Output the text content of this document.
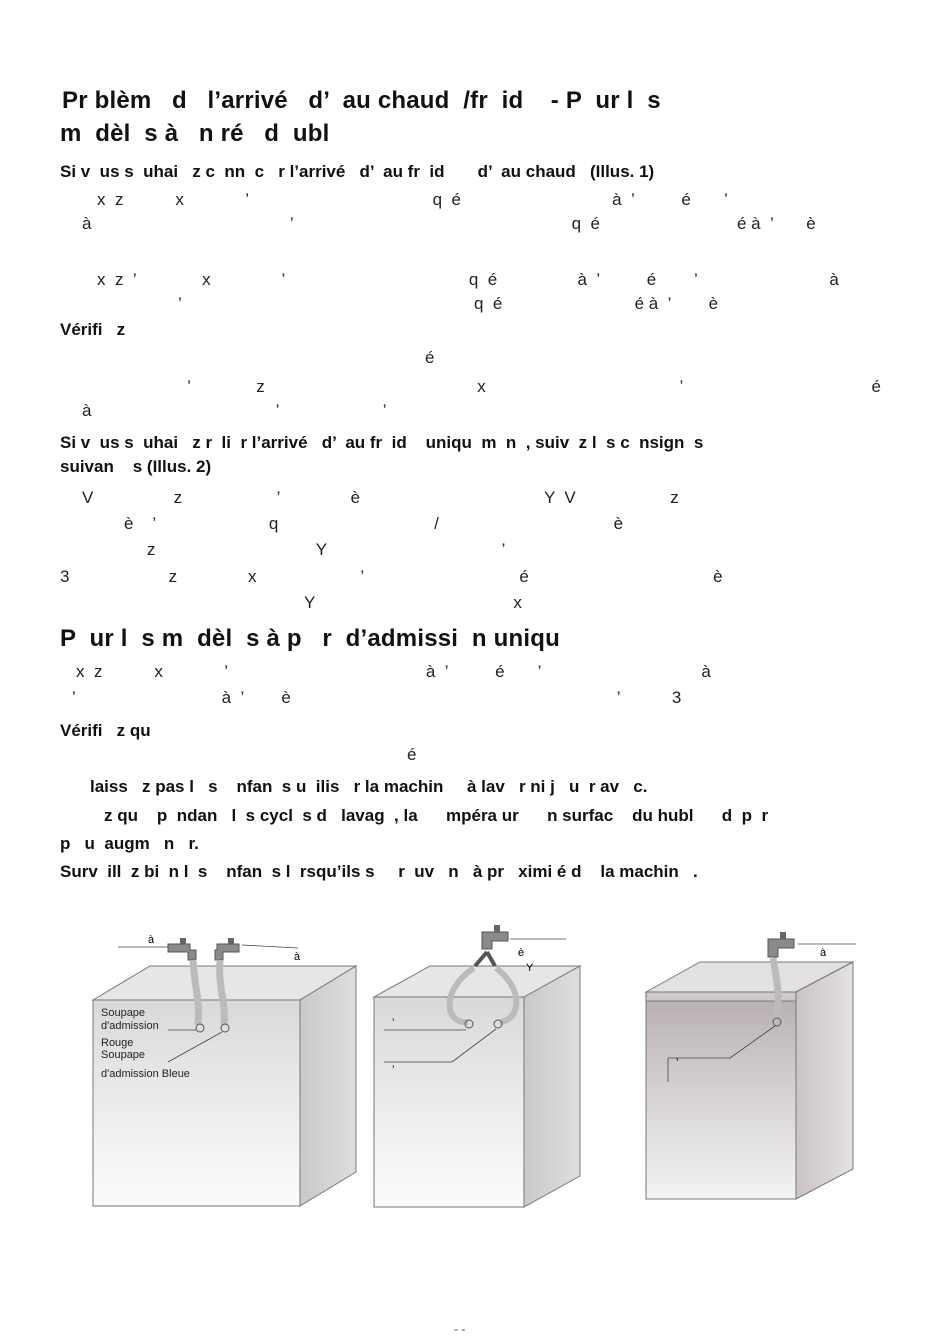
Pr blèm   d   l’arrivé   d’  au chaud  /fr  id    - P  ur l  s
m  dèl  s à   n ré   d  ubl
Si v  us s  uhai   z c  nn  c   r l’arrivé   d’  au fr  id       d’  au chaud   (Illus. 1)
x  z           x             ’                                       q  é                                à  ’          é       ’
à                                          ’                                                           q  é                             é à  ’       è
x  z  ’              x               ’                                       q  é                 à  ’          é        ’                            à
’                                                              q  é                            é à  ’        è
Vérifi   z
é
’              z                                             x                                         ’                                        é
à                                       ’                      ’
Si v  us s  uhai   z r  li  r l’arrivé   d’  au fr  id    uniqu  m  n  , suiv  z l  s c  nsign  s
suivan    s (Illus. 2)
V                 z                    ’               è                                       Y  V                    z
è    ’                        q                                 /                                     è
z                                  Y                                     ’
3                     z               x                      ’                                 é                                       è
Y                                          x
P  ur l  s m  dèl  s à p   r  d’admissi  n uniqu
x  z           x             ’                                          à  ’          é       ’                                  à
’                               à  ’        è                                                                     ’           3
Vérifi   z qu
é
laiss   z pas l   s    nfan  s u  ilis   r la machin     à lav   r ni j   u  r av   c.
z qu    p  ndan   l  s cycl  s d   lavag  , la      mpéra ur      n surfac    du hubl      d  p  r
p   u  augm   n   r.
Surv  ill  z bi  n l  s    nfan  s l  rsqu’ils s     r  uv   n   à pr   ximi é d    la machin   .
à
à
Soupape
d'admission
Rouge
Soupape
d'admission Bleue
è
Y
’
’
à
’
- -
